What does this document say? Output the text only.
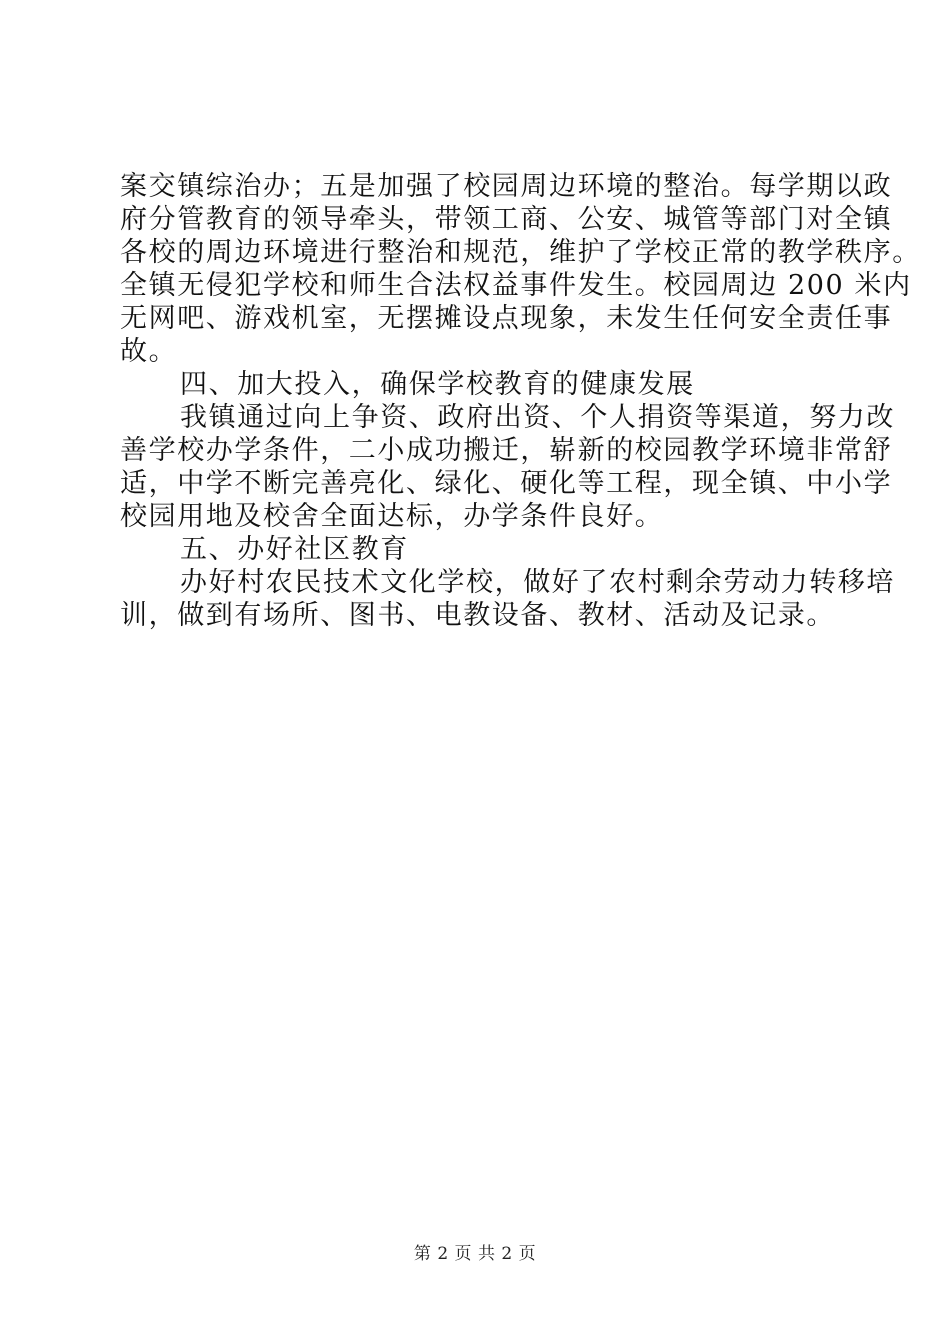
案交镇综治办；五是加强了校园周边环境的整治。每学期以政
府分管教育的领导牵头，带领工商、公安、城管等部门对全镇
各校的周边环境进行整治和规范，维护了学校正常的教学秩序。
全镇无侵犯学校和师生合法权益事件发生。校园周边 200 米内
无网吧、游戏机室，无摆摊设点现象，未发生任何安全责任事
故。
四、加大投入，确保学校教育的健康发展
我镇通过向上争资、政府出资、个人捐资等渠道，努力改
善学校办学条件，二小成功搬迁，崭新的校园教学环境非常舒
适，中学不断完善亮化、绿化、硬化等工程，现全镇、中小学
校园用地及校舍全面达标，办学条件良好。
五、办好社区教育
办好村农民技术文化学校，做好了农村剩余劳动力转移培
训，做到有场所、图书、电教设备、教材、活动及记录。
第 2 页 共 2 页
